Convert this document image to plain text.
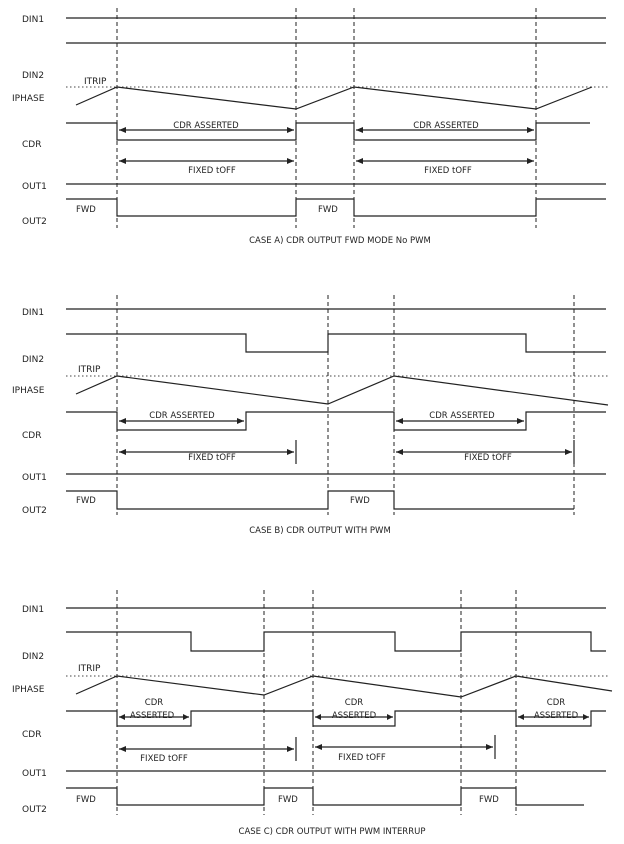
DIN1
DIN2
ITRIP
IPHASE
CDR
OUT1
OUT2
CDR ASSERTED	CDR ASSERTED
FIXED tOFF	FIXED tOFF
FWD	FWD
CASE A) CDR OUTPUT FWD MODE No PWM
DIN1
DIN2
ITRIP
IPHASE
CDR
OUT1
OUT2
CDR ASSERTED	CDR ASSERTED
FIXED tOFF	FIXED tOFF
FWD	FWD
CASE B) CDR OUTPUT WITH PWM
DIN1
DIN2
ITRIP
IPHASE
CDR
OUT1
OUT2
CDR
ASSERTED
CDR
ASSERTED
CDR
ASSERTED
FIXED tOFF	FIXED tOFF
FWD	FWD	FWD
CASE C) CDR OUTPUT WITH PWM INTERRUP
